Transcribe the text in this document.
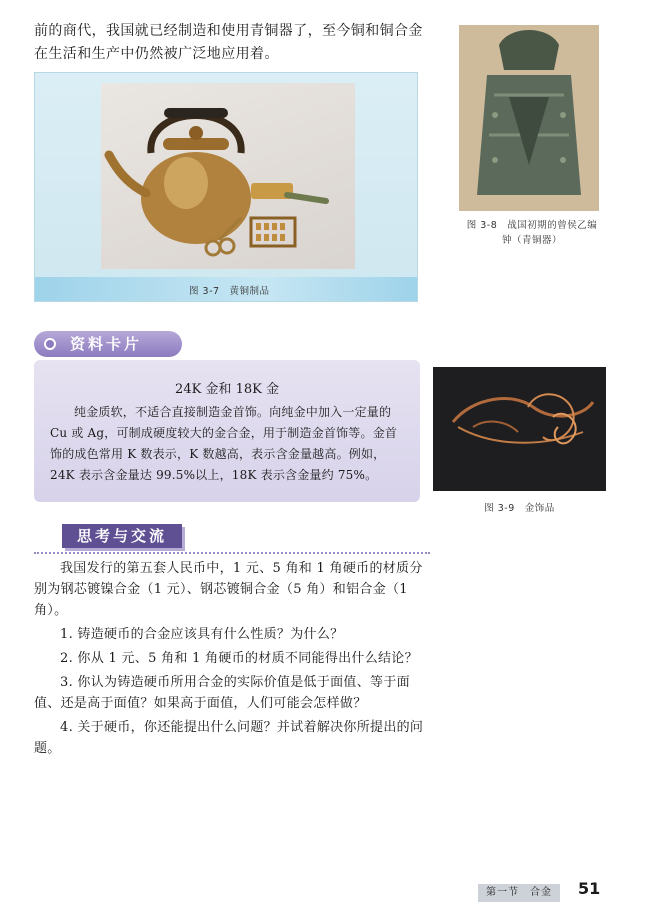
前的商代，我国就已经制造和使用青铜器了，至今铜和铜合金在生活和生产中仍然被广泛地应用着。
图 3-7　黄铜制品
图 3-8　战国初期的曾侯乙编
钟（青铜器）
资料卡片
24K 金和 18K 金
纯金质软，不适合直接制造金首饰。向纯金中加入一定量的 Cu 或 Ag，可制成硬度较大的金合金，用于制造金首饰等。金首饰的成色常用 K 数表示，K 数越高，表示含金量越高。例如，24K 表示含金量达 99.5%以上，18K 表示含金量约 75%。
图 3-9　金饰品
思考与交流

我国发行的第五套人民币中，1 元、5 角和 1 角硬币的材质分别为钢芯镀镍合金（1 元）、钢芯镀铜合金（5 角）和铝合金（1 角）。

1. 铸造硬币的合金应该具有什么性质？为什么？

2. 你从 1 元、5 角和 1 角硬币的材质不同能得出什么结论？

3. 你认为铸造硬币所用合金的实际价值是低于面值、等于面值、还是高于面值？如果高于面值，人们可能会怎样做？

4. 关于硬币，你还能提出什么问题？并试着解决你所提出的问题。

第一节　合金	51
